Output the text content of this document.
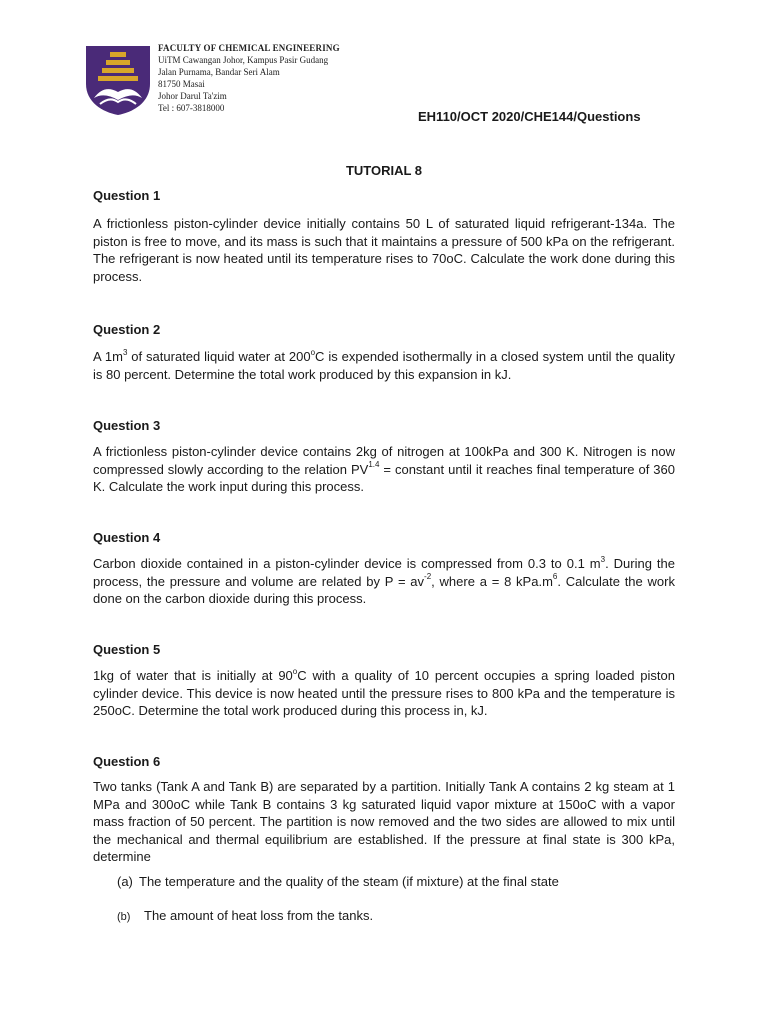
FACULTY OF CHEMICAL ENGINEERING
UiTM Cawangan Johor, Kampus Pasir Gudang
Jalan Purnama, Bandar Seri Alam
81750 Masai
Johor Darul Ta'zim
Tel : 607-3818000
EH110/OCT 2020/CHE144/Questions
TUTORIAL 8
Question 1

A frictionless piston-cylinder device initially contains 50 L of saturated liquid refrigerant-134a. The piston is free to move, and its mass is such that it maintains a pressure of 500 kPa on the refrigerant. The refrigerant is now heated until its temperature rises to 70oC. Calculate the work done during this process.

Question 2

A $1m^3$ of saturated liquid water at 200$^o$C is expended isothermally in a closed system until the quality is 80 percent. Determine the total work produced by this expansion in kJ.

Question 3

A frictionless piston-cylinder device contains 2kg of nitrogen at 100kPa and 300 K. Nitrogen is now compressed slowly according to the relation $PV^{1.4}$ = constant until it reaches final temperature of 360 K. Calculate the work input during this process.

Question 4

Carbon dioxide contained in a piston-cylinder device is compressed from 0.3 to 0.1 $m^3$. During the process, the pressure and volume are related by $P = av^{-2}$, where a = 8 $kPa.m^6$. Calculate the work done on the carbon dioxide during this process.

Question 5

1kg of water that is initially at 90$^o$C with a quality of 10 percent occupies a spring loaded piston cylinder device. This device is now heated until the pressure rises to 800 kPa and the temperature is 250oC. Determine the total work produced during this process in, kJ.

Question 6

Two tanks (Tank A and Tank B) are separated by a partition. Initially Tank A contains 2 kg steam at 1 MPa and 300oC while Tank B contains 3 kg saturated liquid vapor mixture at 150oC with a vapor mass fraction of 50 percent. The partition is now removed and the two sides are allowed to mix until the mechanical and thermal equilibrium are established. If the pressure at final state is 300 kPa, determine

(a) The temperature and the quality of the steam (if mixture) at the final state
(b) The amount of heat loss from the tanks.
